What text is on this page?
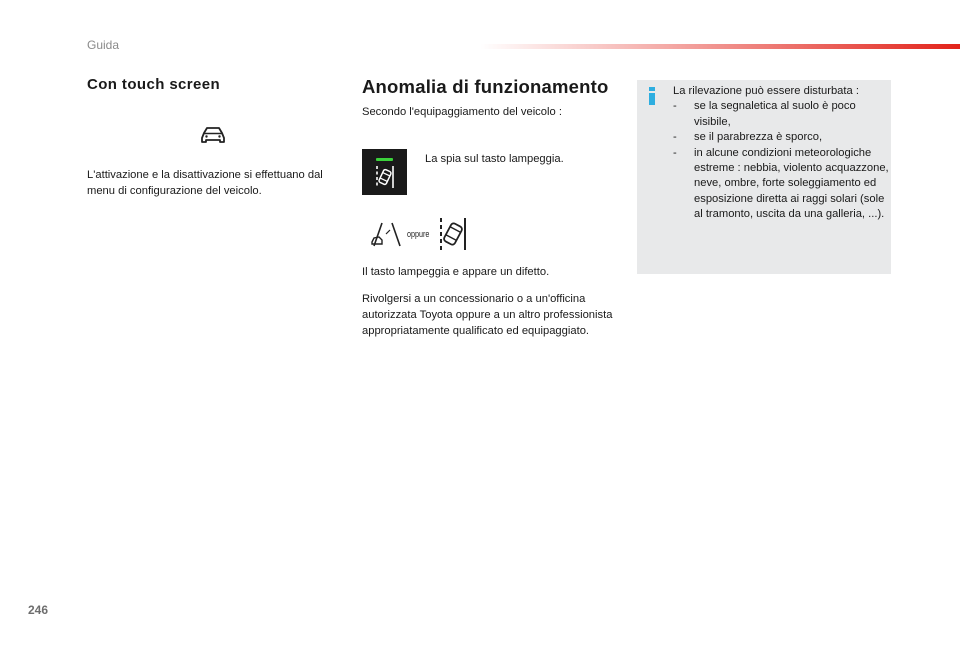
Guida
Con touch screen
L'attivazione e la disattivazione si effettuano dal menu di configurazione del veicolo.
Anomalia di funzionamento
Secondo l'equipaggiamento del veicolo :
La spia sul tasto lampeggia.
oppure
Il tasto lampeggia e appare un difetto.
Rivolgersi a un concessionario o a un'officina autorizzata Toyota oppure a un altro professionista appropriatamente qualificato ed equipaggiato.

La rilevazione può essere disturbata :

- se la segnaletica al suolo è poco visibile,
- se il parabrezza è sporco,
- in alcune condizioni meteorologiche estreme : nebbia, violento acquazzone, neve, ombre, forte soleggiamento ed esposizione diretta ai raggi solari (sole al tramonto, uscita da una galleria, ...).
246
